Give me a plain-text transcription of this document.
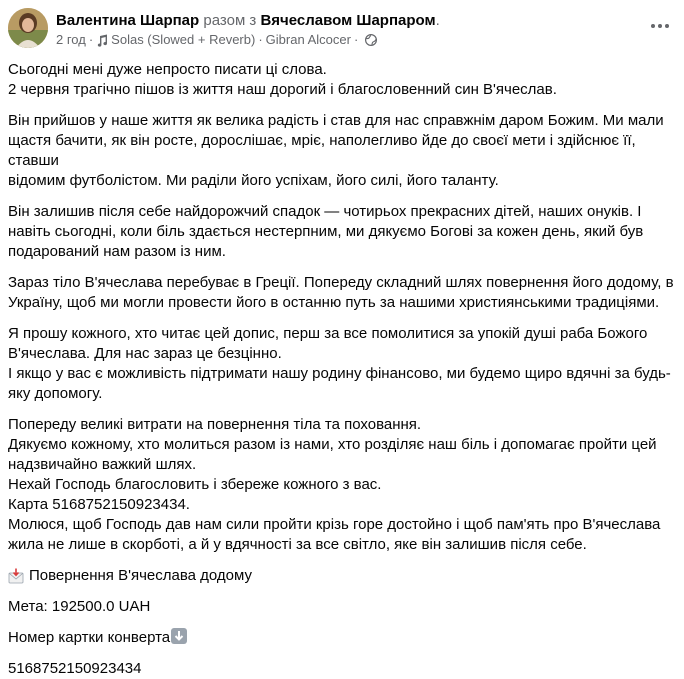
Валентина Шарпар разом з Вячеславом Шарпаром.
2 год · Solas (Slowed + Reverb) · Gibran Alcocer ·

Сьогодні мені дуже непросто писати ці слова.
2 червня трагічно пішов із життя наш дорогий і благословенний син В'ячеслав.

Він прийшов у наше життя як велика радість і став для нас справжнім даром Божим. Ми мали
щастя бачити, як він росте, дорослішає, мріє, наполегливо йде до своєї мети і здійснює її, ставши
відомим футболістом. Ми раділи його успіхам, його силі, його таланту.

Він залишив після себе найдорожчий спадок — чотирьох прекрасних дітей, наших онуків. І
навіть сьогодні, коли біль здається нестерпним, ми дякуємо Богові за кожен день, який був
подарований нам разом із ним.

Зараз тіло В'ячеслава перебуває в Греції. Попереду складний шлях повернення його додому, в
Україну, щоб ми могли провести його в останню путь за нашими християнськими традиціями.

Я прошу кожного, хто читає цей допис, перш за все помолитися за упокій душі раба Божого
В'ячеслава. Для нас зараз це безцінно.
І якщо у вас є можливість підтримати нашу родину фінансово, ми будемо щиро вдячні за будь-
яку допомогу.

Попереду великі витрати на повернення тіла та поховання.
Дякуємо кожному, хто молиться разом із нами, хто розділяє наш біль і допомагає пройти цей
надзвичайно важкий шлях.
Нехай Господь благословить і збереже кожного з вас.
Карта 5168752150923434.
Молюся, щоб Господь дав нам сили пройти крізь горе достойно і щоб пам'ять про В'ячеслава
жила не лише в скорботі, а й у вдячності за все світло, яке він залишив після себе.

Повернення В'ячеслава додому
Мета: 192500.0 UAH
Номер картки конверта
5168752150923434
